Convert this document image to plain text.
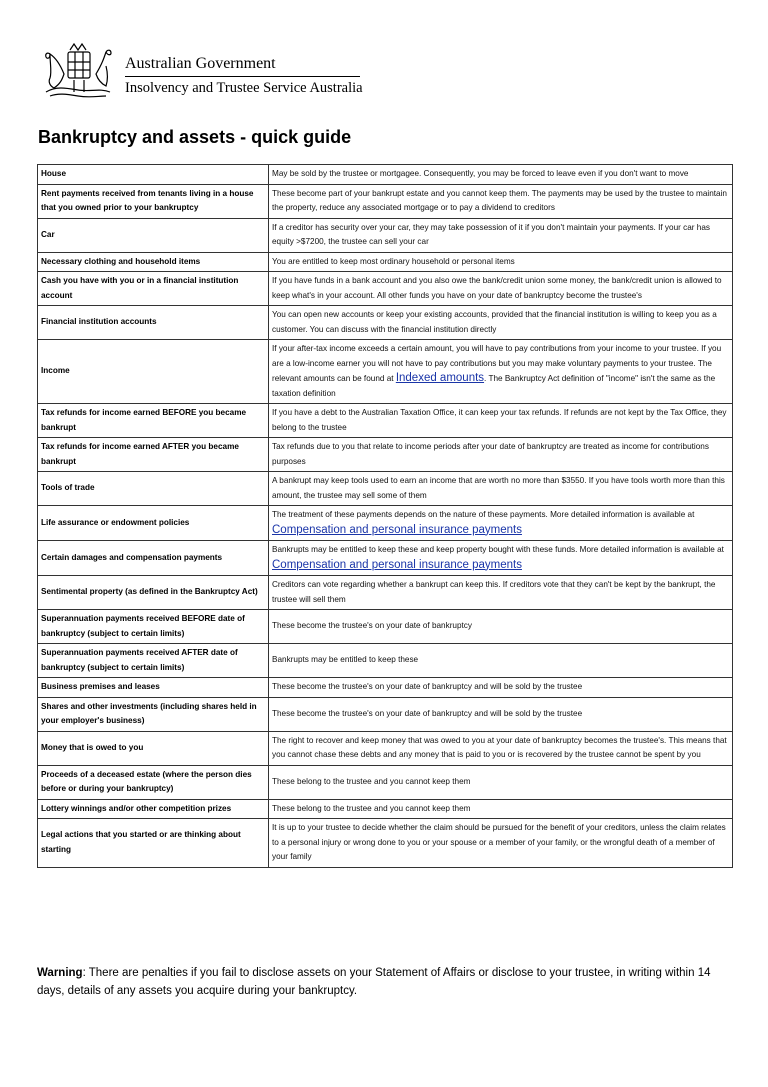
Australian Government
Insolvency and Trustee Service Australia
Bankruptcy and assets - quick guide
House	May be sold by the trustee or mortgagee. Consequently, you may be forced to leave even if you don't want to move
Rent payments received from tenants living in a house that you owned prior to your bankruptcy	These become part of your bankrupt estate and you cannot keep them. The payments may be used by the trustee to maintain the property, reduce any associated mortgage or to pay a dividend to creditors
Car	If a creditor has security over your car, they may take possession of it if you don't maintain your payments. If your car has equity >$7200, the trustee can sell your car
Necessary clothing and household items	You are entitled to keep most ordinary household or personal items
Cash you have with you or in a financial institution account	If you have funds in a bank account and you also owe the bank/credit union some money, the bank/credit union is allowed to keep what's in your account. All other funds you have on your date of bankruptcy become the trustee's
Financial institution accounts	You can open new accounts or keep your existing accounts, provided that the financial institution is willing to keep you as a customer. You can discuss with the financial institution directly
Income	If your after-tax income exceeds a certain amount, you will have to pay contributions from your income to your trustee. If you are a low-income earner you will not have to pay contributions but you may make voluntary payments to your trustee. The relevant amounts can be found at Indexed amounts. The Bankruptcy Act definition of "income" isn't the same as the taxation definition
Tax refunds for income earned BEFORE you became bankrupt	If you have a debt to the Australian Taxation Office, it can keep your tax refunds. If refunds are not kept by the Tax Office, they belong to the trustee
Tax refunds for income earned AFTER you became bankrupt	Tax refunds due to you that relate to income periods after your date of bankruptcy are treated as income for contributions purposes
Tools of trade	A bankrupt may keep tools used to earn an income that are worth no more than $3550. If you have tools worth more than this amount, the trustee may sell some of them
Life assurance or endowment policies	The treatment of these payments depends on the nature of these payments. More detailed information is available at Compensation and personal insurance payments
Certain damages and compensation payments	Bankrupts may be entitled to keep these and keep property bought with these funds. More detailed information is available at Compensation and personal insurance payments
Sentimental property (as defined in the Bankruptcy Act)	Creditors can vote regarding whether a bankrupt can keep this. If creditors vote that they can't be kept by the bankrupt, the trustee will sell them
Superannuation payments received BEFORE date of bankruptcy (subject to certain limits)	These become the trustee's on your date of bankruptcy
Superannuation payments received AFTER date of bankruptcy (subject to certain limits)	Bankrupts may be entitled to keep these
Business premises and leases	These become the trustee's on your date of bankruptcy and will be sold by the trustee
Shares and other investments (including shares held in your employer's business)	These become the trustee's on your date of bankruptcy and will be sold by the trustee
Money that is owed to you	The right to recover and keep money that was owed to you at your date of bankruptcy becomes the trustee's. This means that you cannot chase these debts and any money that is paid to you or is recovered by the trustee cannot be spent by you
Proceeds of a deceased estate (where the person dies before or during your bankruptcy)	These belong to the trustee and you cannot keep them
Lottery winnings and/or other competition prizes	These belong to the trustee and you cannot keep them
Legal actions that you started or are thinking about starting	It is up to your trustee to decide whether the claim should be pursued for the benefit of your creditors, unless the claim relates to a personal injury or wrong done to you or your spouse or a member of your family, or the wrongful death of a member of your family

Warning: There are penalties if you fail to disclose assets on your Statement of Affairs or disclose to your trustee, in writing within 14 days, details of any assets you acquire during your bankruptcy.
